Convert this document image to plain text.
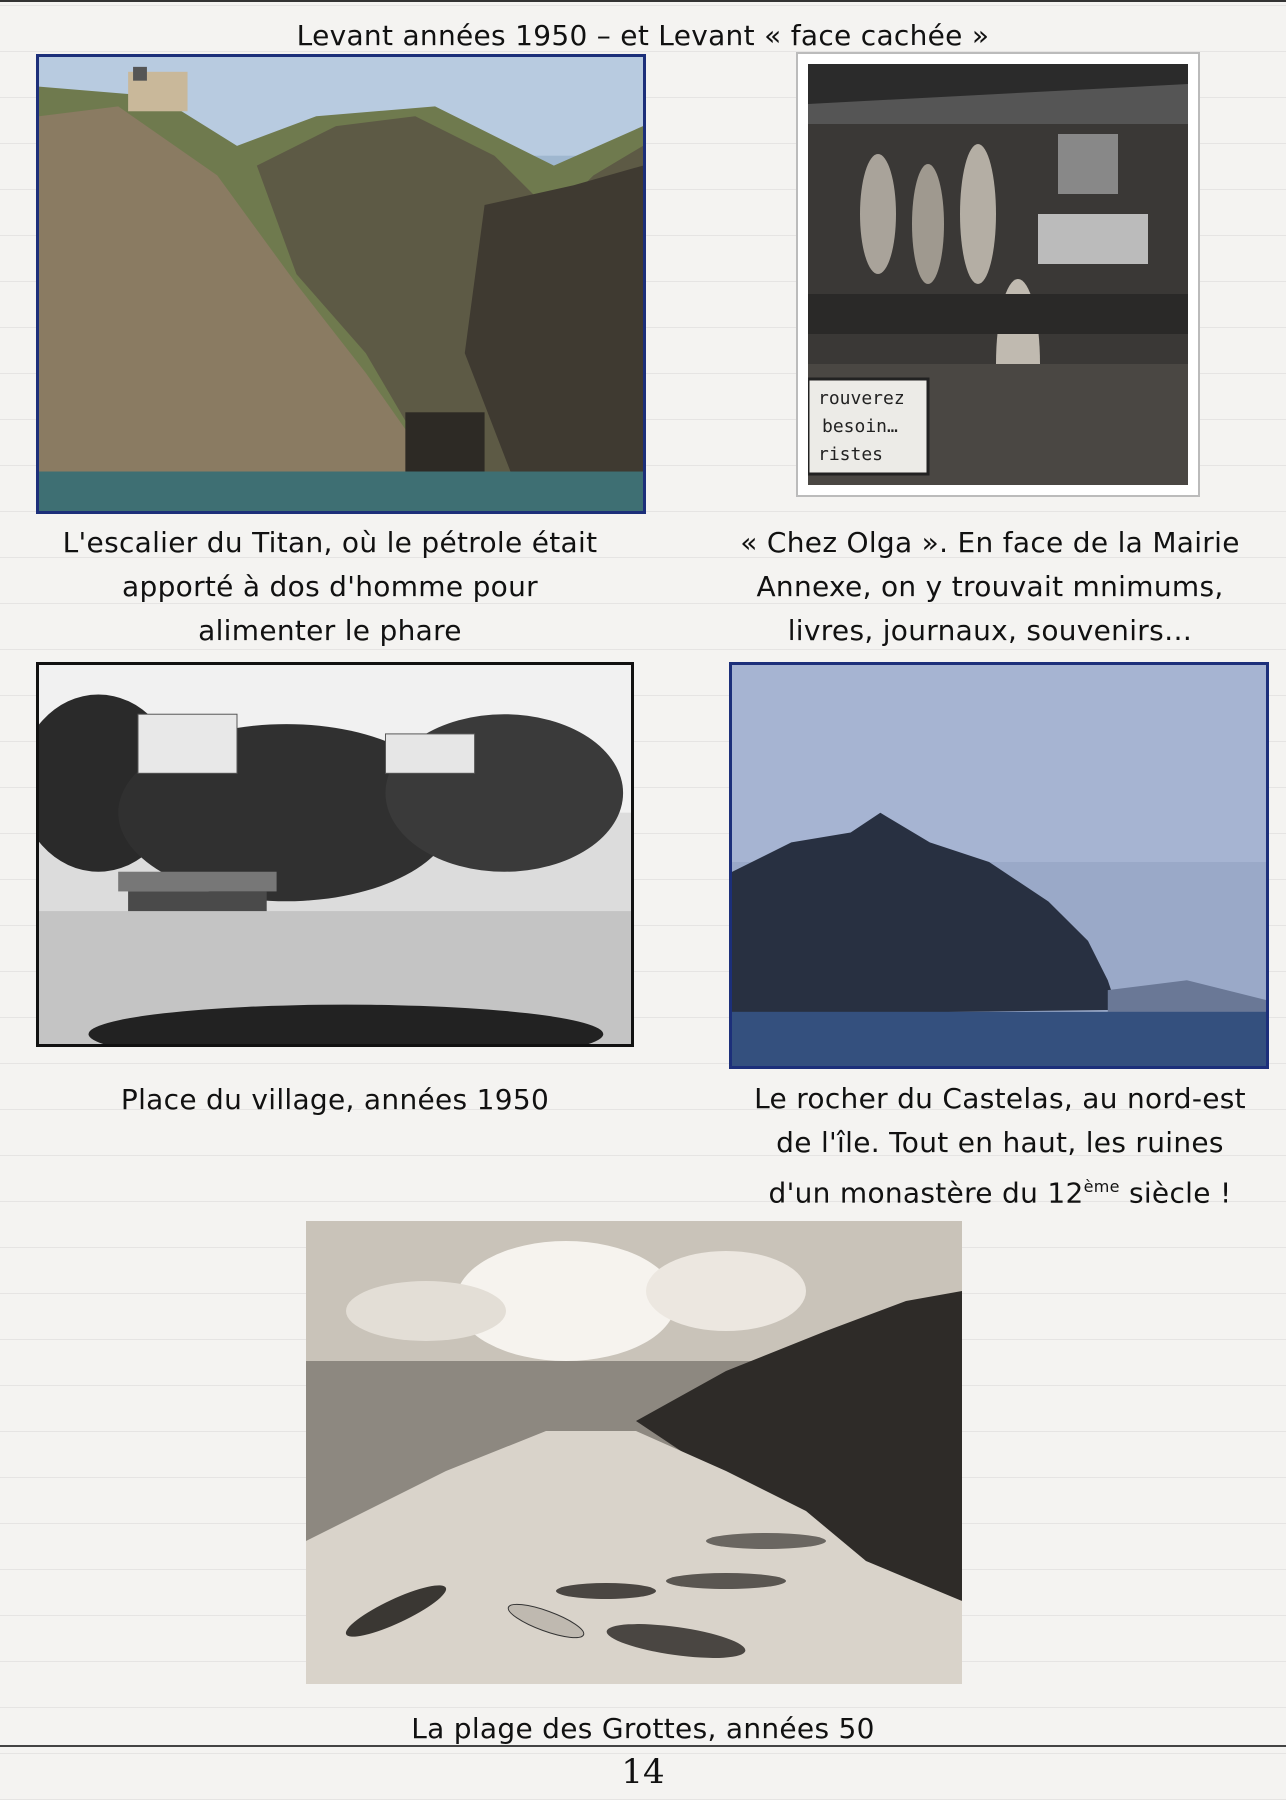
Levant années 1950 – et Levant « face cachée »
L'escalier du Titan, où le pétrole était
apporté à dos d'homme pour
alimenter le phare
rouverez
besoin…
ristes
« Chez Olga ». En face de la Mairie
Annexe, on y trouvait mnimums,
livres, journaux, souvenirs…
Place du village, années 1950	Le rocher du Castelas, au nord-est
de l'île. Tout en haut, les ruines
d'un monastère du 12ème siècle !
La plage des Grottes, années 50
14
